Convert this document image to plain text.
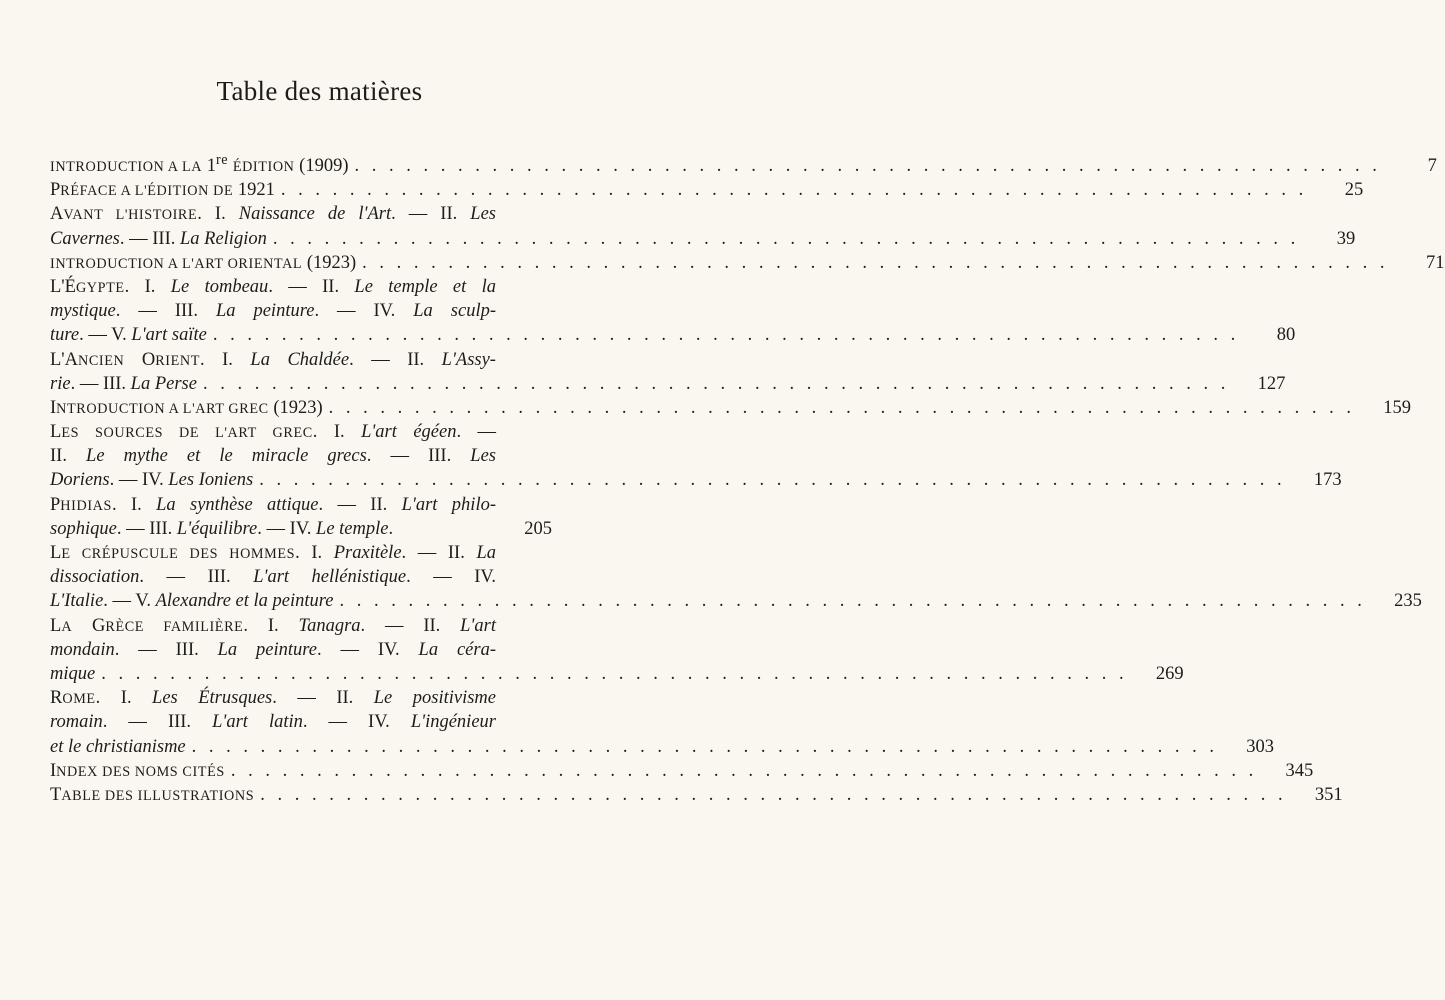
Table des matières
INTRODUCTION A LA 1re ÉDITION (1909) . . . . . . . . . . . . . . . . . . . . . . . . . . . . . . . . . . . . . . . . . . . . . . . . . . . . . . . . . . . .	7
PRÉFACE A L'ÉDITION DE 1921 . . . . . . . . . . . . . . . . . . . . . . . . . . . . . . . . . . . . . . . . . . . . . . . . . . . . . . . . . . . .	25
AVANT L'HISTOIRE. I. Naissance de l'Art. — II. Les
Cavernes. — III. La Religion . . . . . . . . . . . . . . . . . . . . . . . . . . . . . . . . . . . . . . . . . . . . . . . . . . . . . . . . . . . .	39
INTRODUCTION A L'ART ORIENTAL (1923) . . . . . . . . . . . . . . . . . . . . . . . . . . . . . . . . . . . . . . . . . . . . . . . . . . . . . . . . . . . .	71
L'ÉGYPTE. I. Le tombeau. — II. Le temple et la
mystique. — III. La peinture. — IV. La sculp-
ture. — V. L'art saïte . . . . . . . . . . . . . . . . . . . . . . . . . . . . . . . . . . . . . . . . . . . . . . . . . . . . . . . . . . . .	80
L'ANCIEN ORIENT. I. La Chaldée. — II. L'Assy-
rie. — III. La Perse . . . . . . . . . . . . . . . . . . . . . . . . . . . . . . . . . . . . . . . . . . . . . . . . . . . . . . . . . . . .	127
INTRODUCTION A L'ART GREC (1923) . . . . . . . . . . . . . . . . . . . . . . . . . . . . . . . . . . . . . . . . . . . . . . . . . . . . . . . . . . . .	159
LES SOURCES DE L'ART GREC. I. L'art égéen. —
II. Le mythe et le miracle grecs. — III. Les
Doriens. — IV. Les Ioniens . . . . . . . . . . . . . . . . . . . . . . . . . . . . . . . . . . . . . . . . . . . . . . . . . . . . . . . . . . . .	173
PHIDIAS. I. La synthèse attique. — II. L'art philo-
sophique. — III. L'équilibre. — IV. Le temple.	205
LE CRÉPUSCULE DES HOMMES. I. Praxitèle. — II. La
dissociation. — III. L'art hellénistique. — IV.
L'Italie. — V. Alexandre et la peinture . . . . . . . . . . . . . . . . . . . . . . . . . . . . . . . . . . . . . . . . . . . . . . . . . . . . . . . . . . . .	235
LA GRÈCE FAMILIÈRE. I. Tanagra. — II. L'art
mondain. — III. La peinture. — IV. La céra-
mique . . . . . . . . . . . . . . . . . . . . . . . . . . . . . . . . . . . . . . . . . . . . . . . . . . . . . . . . . . . .	269
ROME. I. Les Étrusques. — II. Le positivisme
romain. — III. L'art latin. — IV. L'ingénieur
et le christianisme . . . . . . . . . . . . . . . . . . . . . . . . . . . . . . . . . . . . . . . . . . . . . . . . . . . . . . . . . . . .	303
INDEX DES NOMS CITÉS . . . . . . . . . . . . . . . . . . . . . . . . . . . . . . . . . . . . . . . . . . . . . . . . . . . . . . . . . . . .	345
TABLE DES ILLUSTRATIONS . . . . . . . . . . . . . . . . . . . . . . . . . . . . . . . . . . . . . . . . . . . . . . . . . . . . . . . . . . . .	351
